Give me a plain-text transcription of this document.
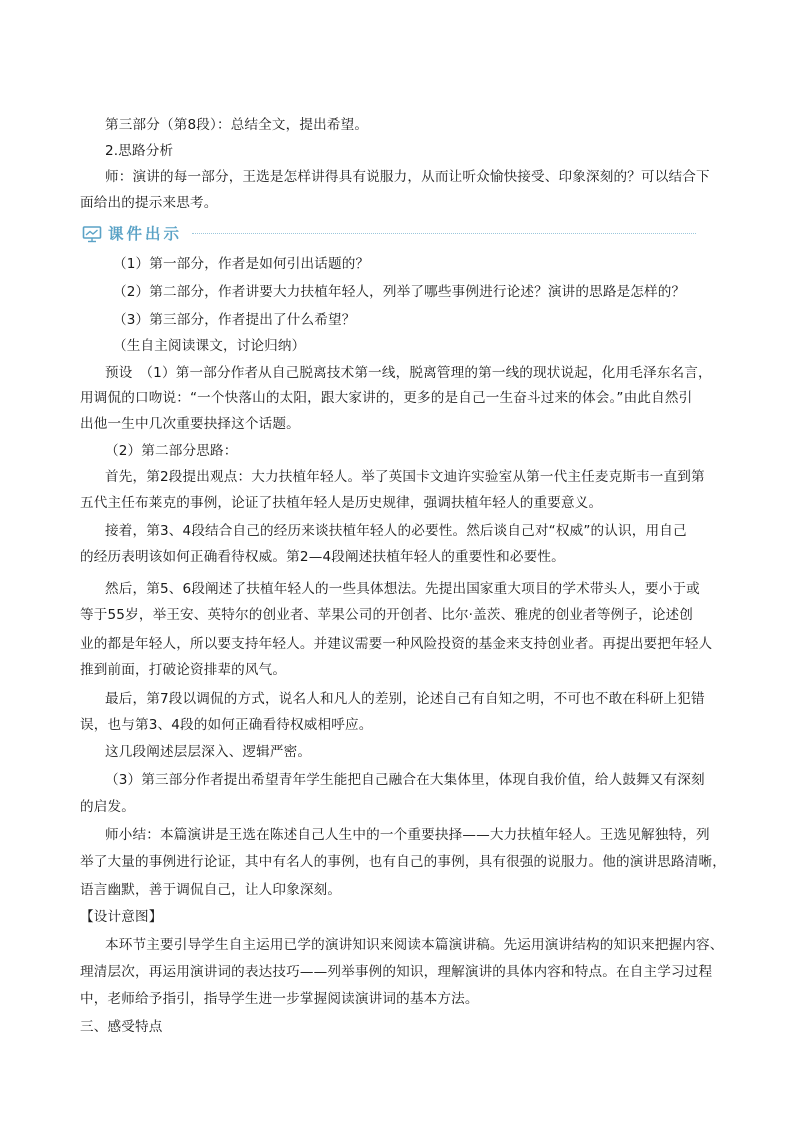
第三部分（第8段）：总结全文，提出希望。
2.思路分析
师：演讲的每一部分，王选是怎样讲得具有说服力，从而让听众愉快接受、印象深刻的？可以结合下
面给出的提示来思考。
课件出示
（1）第一部分，作者是如何引出话题的？
（2）第二部分，作者讲要大力扶植年轻人，列举了哪些事例进行论述？演讲的思路是怎样的？
（3）第三部分，作者提出了什么希望？
（生自主阅读课文，讨论归纳）
预设　（1）第一部分作者从自己脱离技术第一线，脱离管理的第一线的现状说起，化用毛泽东名言，
用调侃的口吻说：“一个快落山的太阳，跟大家讲的，更多的是自己一生奋斗过来的体会。”由此自然引
出他一生中几次重要抉择这个话题。
（2）第二部分思路：
首先，第2段提出观点：大力扶植年轻人。举了英国卡文迪许实验室从第一代主任麦克斯韦一直到第
五代主任布莱克的事例，论证了扶植年轻人是历史规律，强调扶植年轻人的重要意义。
接着，第3、4段结合自己的经历来谈扶植年轻人的必要性。然后谈自己对“权威”的认识，用自己
的经历表明该如何正确看待权威。第2—4段阐述扶植年轻人的重要性和必要性。
然后，第5、6段阐述了扶植年轻人的一些具体想法。先提出国家重大项目的学术带头人，要小于或
等于55岁，举王安、英特尔的创业者、苹果公司的开创者、比尔·盖茨、雅虎的创业者等例子，论述创
业的都是年轻人，所以要支持年轻人。并建议需要一种风险投资的基金来支持创业者。再提出要把年轻人
推到前面，打破论资排辈的风气。
最后，第7段以调侃的方式，说名人和凡人的差别，论述自己有自知之明，不可也不敢在科研上犯错
误，也与第3、4段的如何正确看待权威相呼应。
这几段阐述层层深入、逻辑严密。
（3）第三部分作者提出希望青年学生能把自己融合在大集体里，体现自我价值，给人鼓舞又有深刻
的启发。
师小结：本篇演讲是王选在陈述自己人生中的一个重要抉择——大力扶植年轻人。王选见解独特，列
举了大量的事例进行论证，其中有名人的事例，也有自己的事例，具有很强的说服力。他的演讲思路清晰，
语言幽默，善于调侃自己，让人印象深刻。
【设计意图】
本环节主要引导学生自主运用已学的演讲知识来阅读本篇演讲稿。先运用演讲结构的知识来把握内容、
理清层次，再运用演讲词的表达技巧——列举事例的知识，理解演讲的具体内容和特点。在自主学习过程
中，老师给予指引，指导学生进一步掌握阅读演讲词的基本方法。
三、感受特点
